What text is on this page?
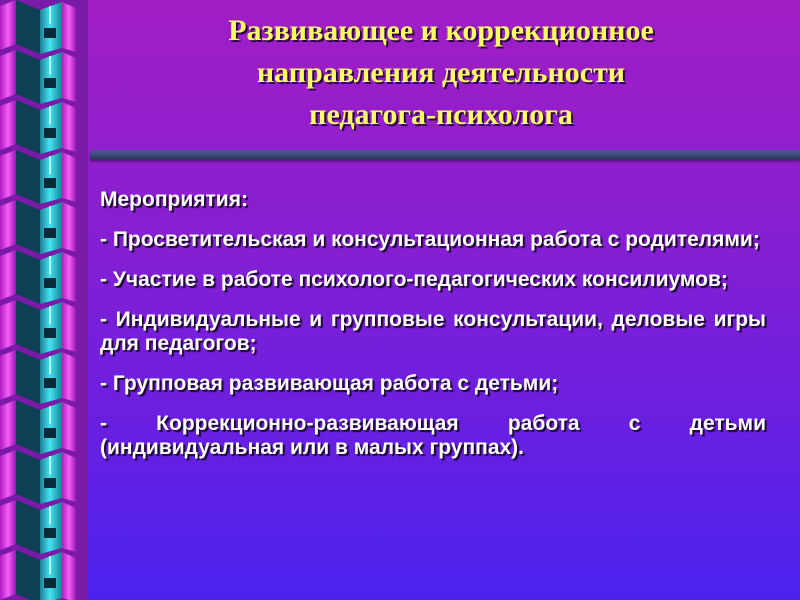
Развивающее и коррекционное
направления деятельности
педагога-психолога
Мероприятия:
- Просветительская и консультационная работа с родителями;
- Участие в работе психолого-педагогических консилиумов;
- Индивидуальные и групповые консультации, деловые игры для педагогов;
- Групповая развивающая работа с детьми;
- Коррекционно-развивающая работа с детьми (индивидуальная или в малых группах).
